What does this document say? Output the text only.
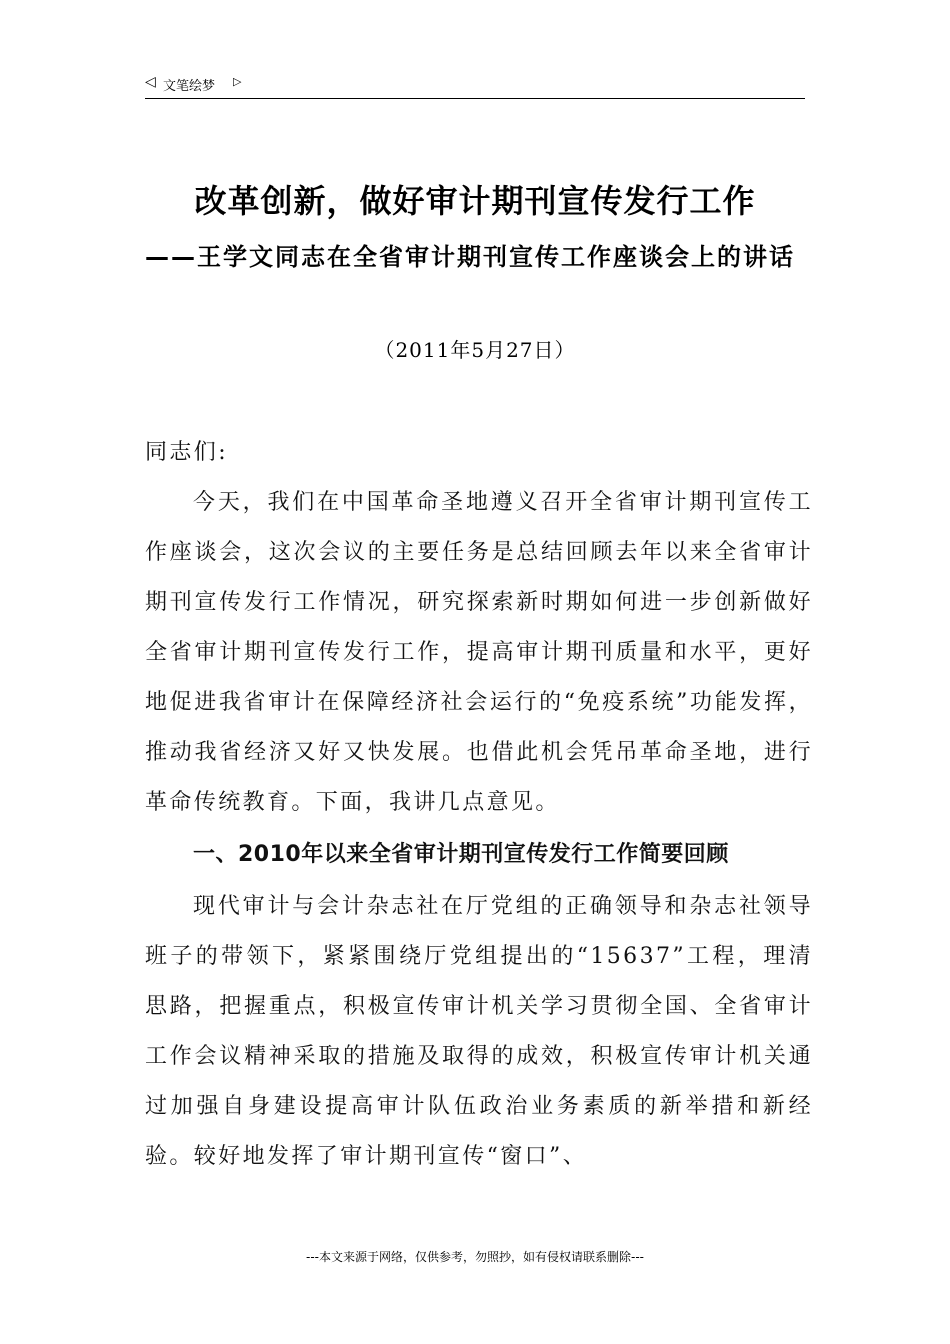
◁ 文笔绘梦 ▷
改革创新，做好审计期刊宣传发行工作
——王学文同志在全省审计期刊宣传工作座谈会上的讲话
（2011年5月27日）

同志们:

今天，我们在中国革命圣地遵义召开全省审计期刊宣传工作座谈会，这次会议的主要任务是总结回顾去年以来全省审计期刊宣传发行工作情况，研究探索新时期如何进一步创新做好全省审计期刊宣传发行工作，提高审计期刊质量和水平，更好地促进我省审计在保障经济社会运行的“免疫系统”功能发挥，推动我省经济又好又快发展。也借此机会凭吊革命圣地，进行革命传统教育。下面，我讲几点意见。

一、2010年以来全省审计期刊宣传发行工作简要回顾

现代审计与会计杂志社在厅党组的正确领导和杂志社领导班子的带领下，紧紧围绕厅党组提出的“15637”工程，理清思路，把握重点，积极宣传审计机关学习贯彻全国、全省审计工作会议精神采取的措施及取得的成效，积极宣传审计机关通过加强自身建设提高审计队伍政治业务素质的新举措和新经验。较好地发挥了审计期刊宣传“窗口”、

---本文来源于网络，仅供参考，勿照抄，如有侵权请联系删除---
